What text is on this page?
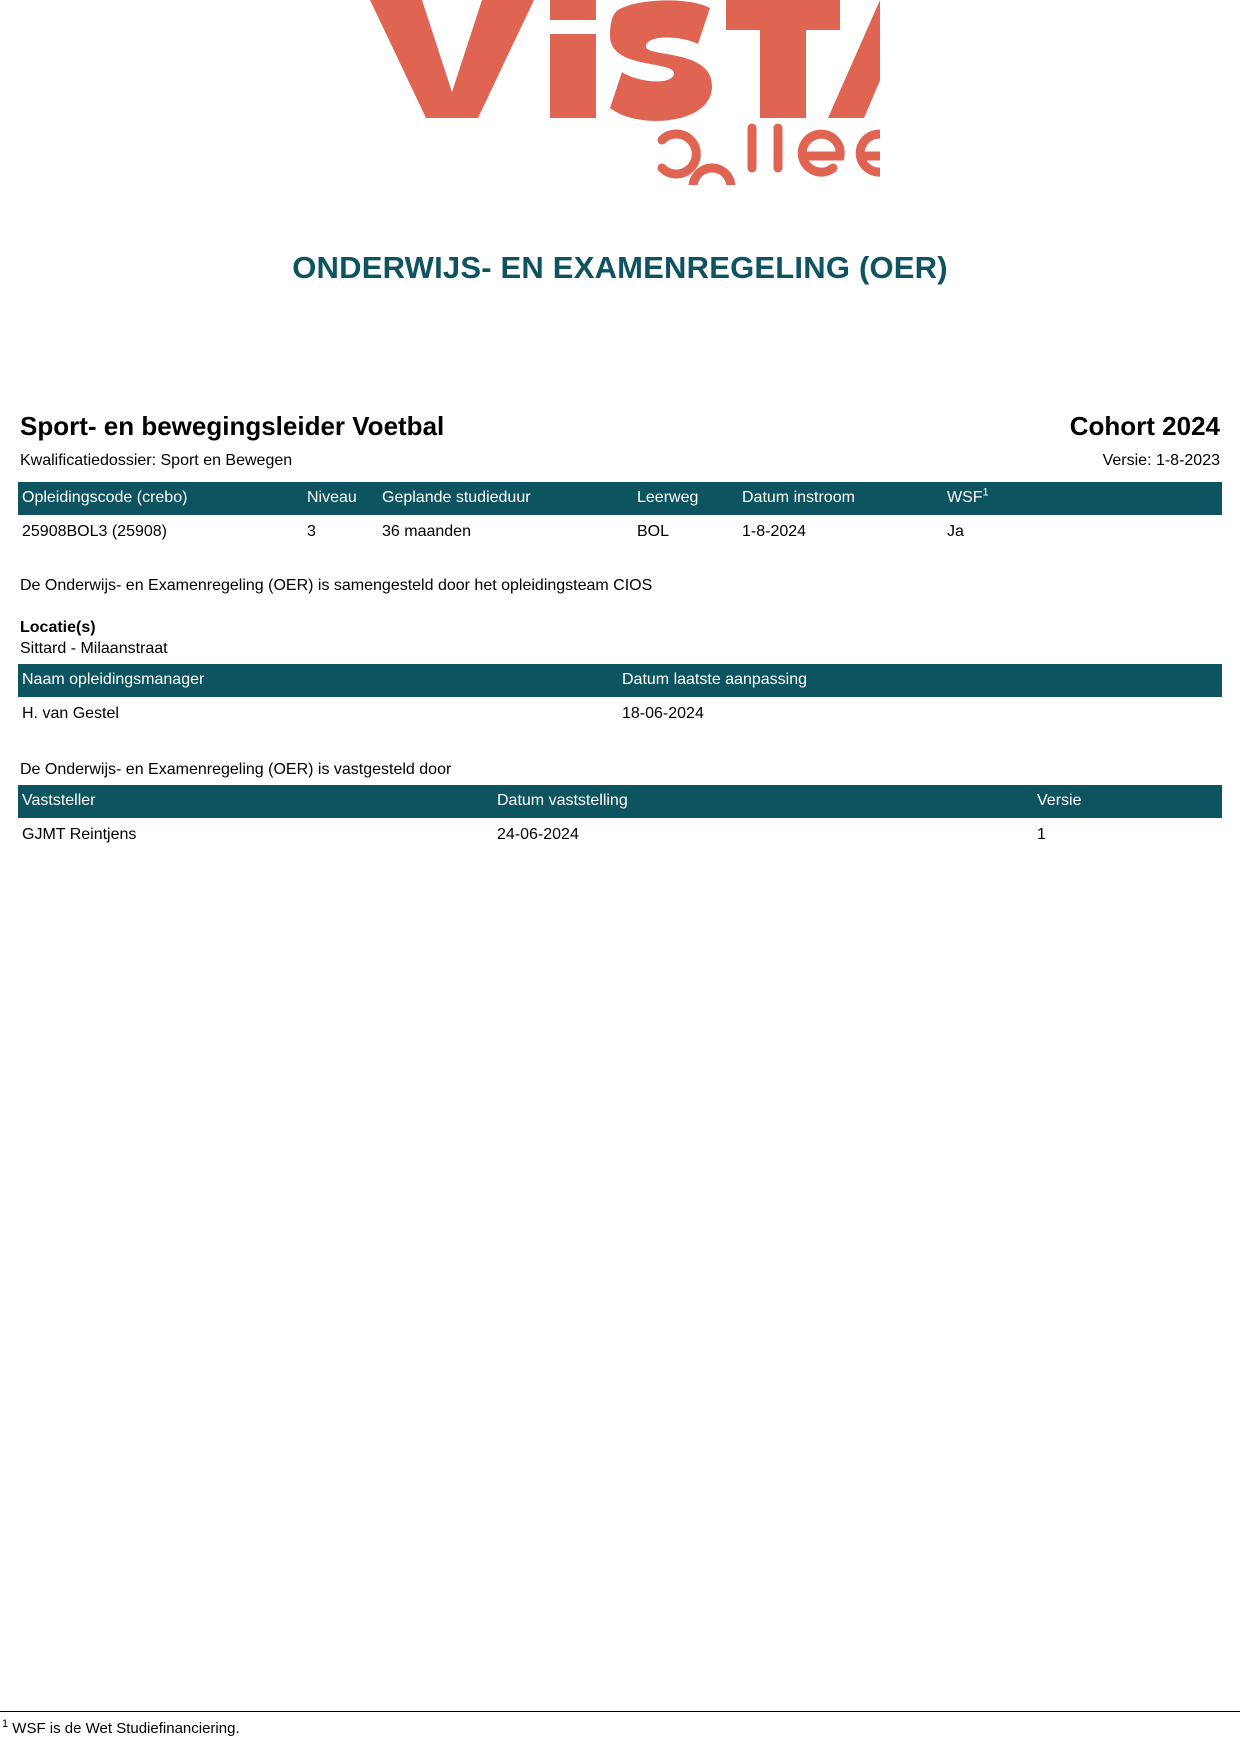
ONDERWIJS- EN EXAMENREGELING (OER)
Sport- en bewegingsleider Voetbal	Cohort 2024
Kwalificatiedossier: Sport en Bewegen	Versie: 1-8-2023
Opleidingscode (crebo)	Niveau	Geplande studieduur	Leerweg	Datum instroom	WSF$^1$
25908BOL3 (25908)	3	36 maanden	BOL	1-8-2024	Ja
De Onderwijs- en Examenregeling (OER) is samengesteld door het opleidingsteam CIOS
Locatie(s)
Sittard - Milaanstraat
Naam opleidingsmanager	Datum laatste aanpassing
H. van Gestel	18-06-2024
De Onderwijs- en Examenregeling (OER) is vastgesteld door
Vaststeller	Datum vaststelling	Versie
GJMT Reintjens	24-06-2024	1
$^1$ WSF is de Wet Studiefinanciering.
